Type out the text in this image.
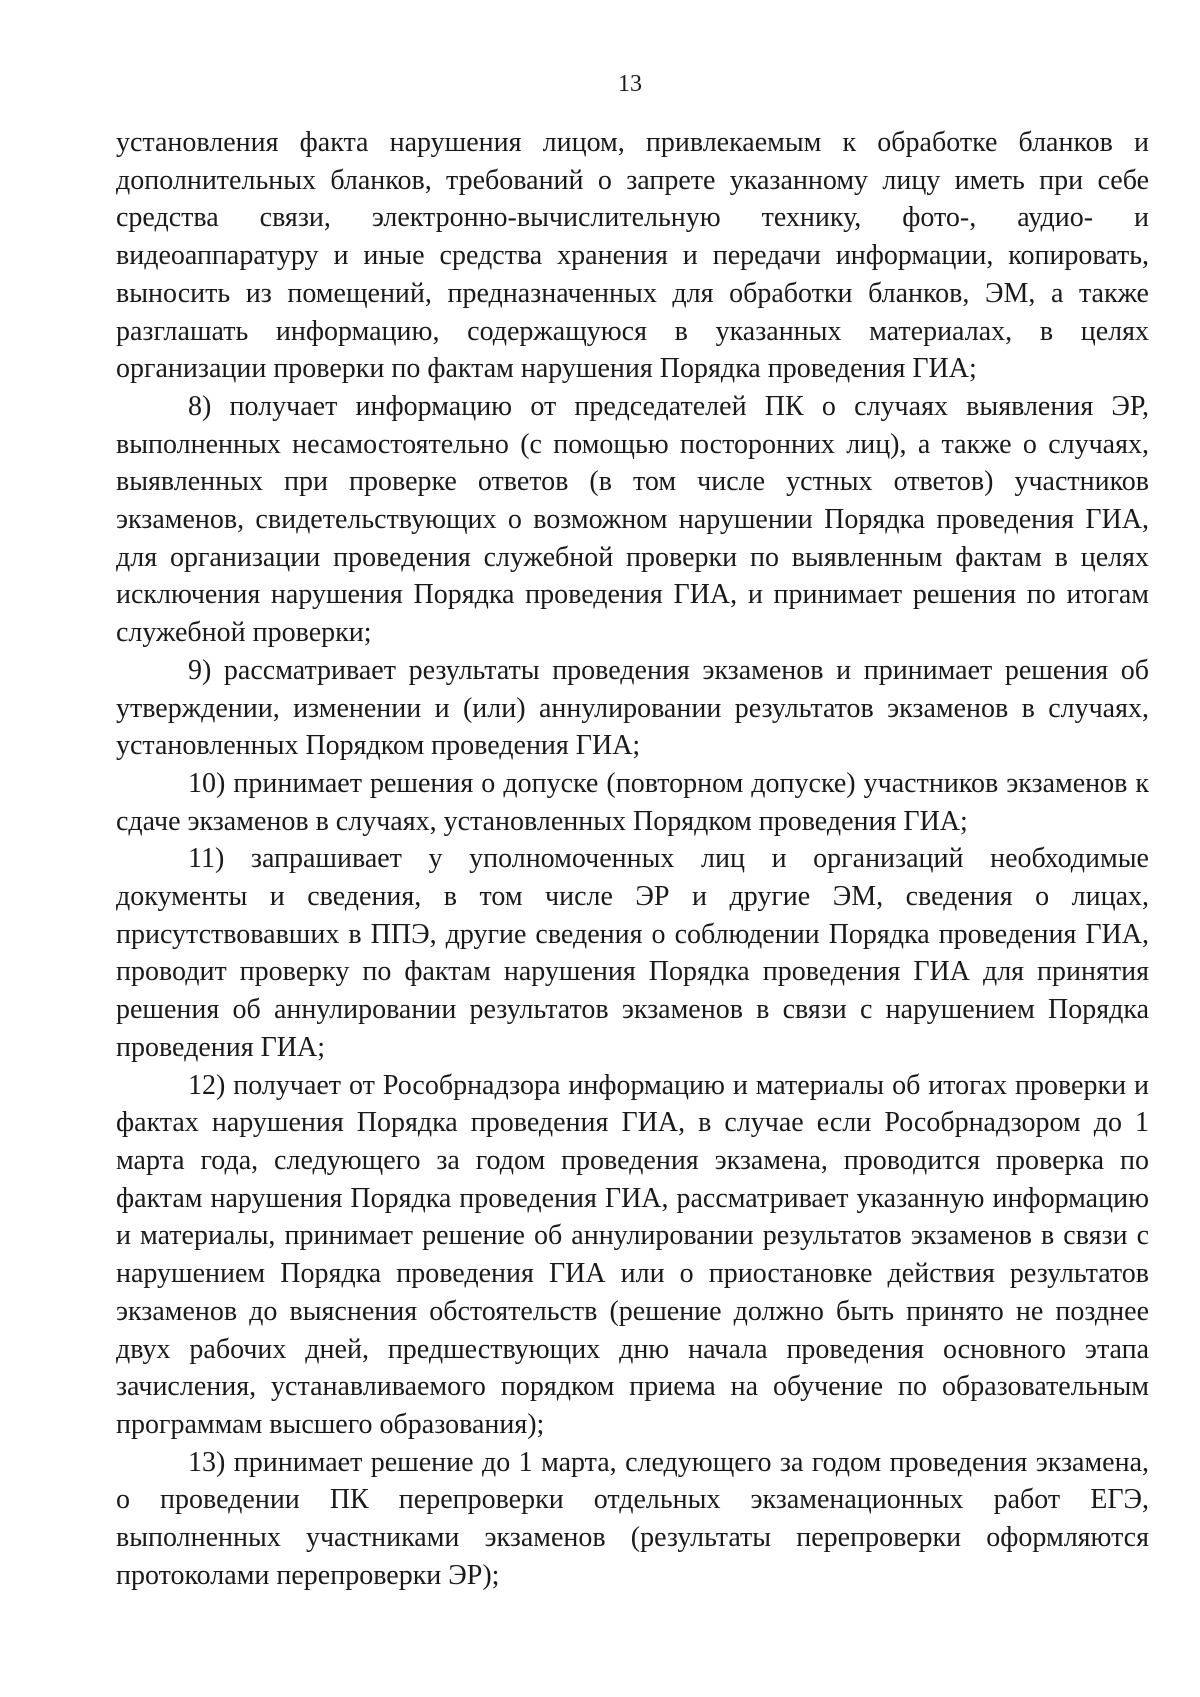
13

установления факта нарушения лицом, привлекаемым к обработке бланков и дополнительных бланков, требований о запрете указанному лицу иметь при себе средства связи, электронно-вычислительную технику, фото-, аудио- и видеоаппаратуру и иные средства хранения и передачи информации, копировать, выносить из помещений, предназначенных для обработки бланков, ЭМ, а также разглашать информацию, содержащуюся в указанных материалах, в целях организации проверки по фактам нарушения Порядка проведения ГИА;

8) получает информацию от председателей ПК о случаях выявления ЭР, выполненных несамостоятельно (с помощью посторонних лиц), а также о случаях, выявленных при проверке ответов (в том числе устных ответов) участников экзаменов, свидетельствующих о возможном нарушении Порядка проведения ГИА, для организации проведения служебной проверки по выявленным фактам в целях исключения нарушения Порядка проведения ГИА, и принимает решения по итогам служебной проверки;

9) рассматривает результаты проведения экзаменов и принимает решения об утверждении, изменении и (или) аннулировании результатов экзаменов в случаях, установленных Порядком проведения ГИА;

10) принимает решения о допуске (повторном допуске) участников экзаменов к сдаче экзаменов в случаях, установленных Порядком проведения ГИА;

11) запрашивает у уполномоченных лиц и организаций необходимые документы и сведения, в том числе ЭР и другие ЭМ, сведения о лицах, присутствовавших в ППЭ, другие сведения о соблюдении Порядка проведения ГИА, проводит проверку по фактам нарушения Порядка проведения ГИА для принятия решения об аннулировании результатов экзаменов в связи с нарушением Порядка проведения ГИА;

12) получает от Рособрнадзора информацию и материалы об итогах проверки и фактах нарушения Порядка проведения ГИА, в случае если Рособрнадзором до 1 марта года, следующего за годом проведения экзамена, проводится проверка по фактам нарушения Порядка проведения ГИА, рассматривает указанную информацию и материалы, принимает решение об аннулировании результатов экзаменов в связи с нарушением Порядка проведения ГИА или о приостановке действия результатов экзаменов до выяснения обстоятельств (решение должно быть принято не позднее двух рабочих дней, предшествующих дню начала проведения основного этапа зачисления, устанавливаемого порядком приема на обучение по образовательным программам высшего образования);

13) принимает решение до 1 марта, следующего за годом проведения экзамена, о проведении ПК перепроверки отдельных экзаменационных работ ЕГЭ, выполненных участниками экзаменов (результаты перепроверки оформляются протоколами перепроверки ЭР);
